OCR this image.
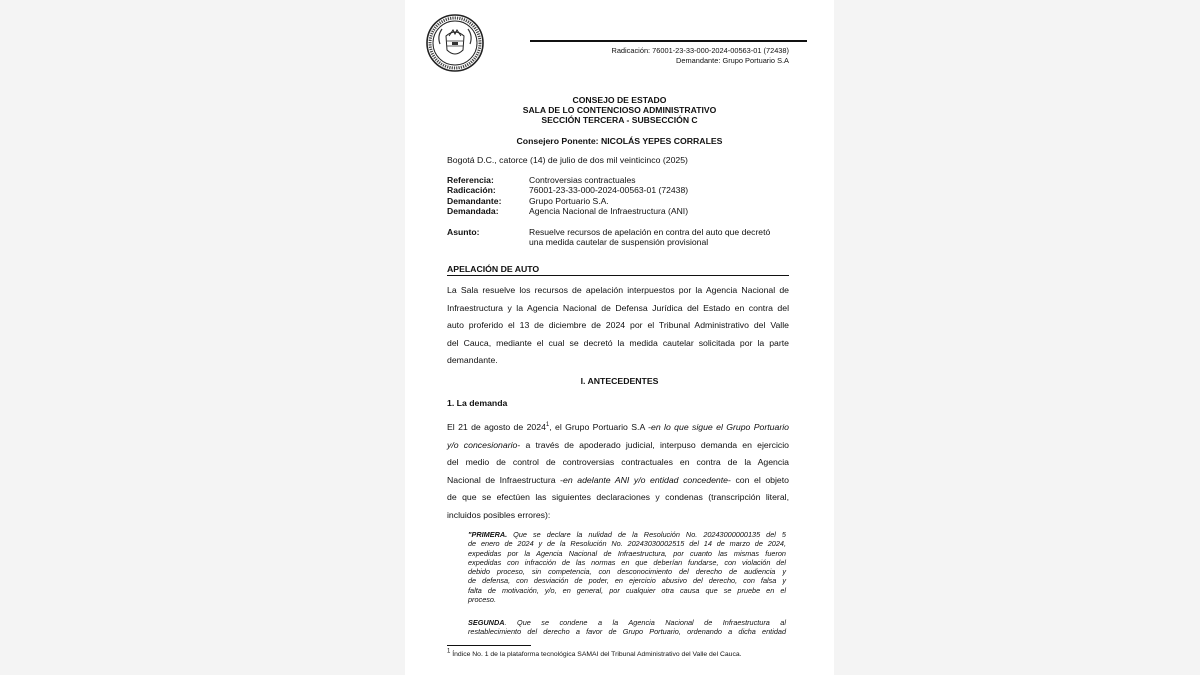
Radicación: 76001-23-33-000-2024-00563-01 (72438)
Demandante: Grupo Portuario S.A
CONSEJO DE ESTADO
SALA DE LO CONTENCIOSO ADMINISTRATIVO
SECCIÓN TERCERA - SUBSECCIÓN C
Consejero Ponente: NICOLÁS YEPES CORRALES
Bogotá D.C., catorce (14) de julio de dos mil veinticinco (2025)
Referencia:	Controversias contractuales
Radicación:	76001-23-33-000-2024-00563-01 (72438)
Demandante:	Grupo Portuario S.A.
Demandada:	Agencia Nacional de Infraestructura (ANI)
Asunto:	Resuelve recursos de apelación en contra del auto que decretó
una medida cautelar de suspensión provisional
APELACIÓN DE AUTO
La Sala resuelve los recursos de apelación interpuestos por la Agencia Nacional de
Infraestructura y la Agencia Nacional de Defensa Jurídica del Estado en contra del
auto proferido el 13 de diciembre de 2024 por el Tribunal Administrativo del Valle
del Cauca, mediante el cual se decretó la medida cautelar solicitada por la parte
demandante.
I. ANTECEDENTES
1. La demanda
El 21 de agosto de 2024$^1$, el Grupo Portuario S.A -en lo que sigue el Grupo Portuario
y/o concesionario- a través de apoderado judicial, interpuso demanda en ejercicio
del medio de control de controversias contractuales en contra de la Agencia
Nacional de Infraestructura -en adelante ANI y/o entidad concedente- con el objeto
de que se efectúen las siguientes declaraciones y condenas (transcripción literal,
incluidos posibles errores):
"PRIMERA. Que se declare la nulidad de la Resolución No. 20243000000135 del 5
de enero de 2024 y de la Resolución No. 20243030002515 del 14 de marzo de 2024,
expedidas por la Agencia Nacional de Infraestructura, por cuanto las mismas fueron
expedidas con infracción de las normas en que deberían fundarse, con violación del
debido proceso, sin competencia, con desconocimiento del derecho de audiencia y
de defensa, con desviación de poder, en ejercicio abusivo del derecho, con falsa y
falta de motivación, y/o, en general, por cualquier otra causa que se pruebe en el
proceso.
SEGUNDA. Que se condene a la Agencia Nacional de Infraestructura al
restablecimiento del derecho a favor de Grupo Portuario, ordenando a dicha entidad
$^1$ Índice No. 1 de la plataforma tecnológica SAMAI del Tribunal Administrativo del Valle del Cauca.
